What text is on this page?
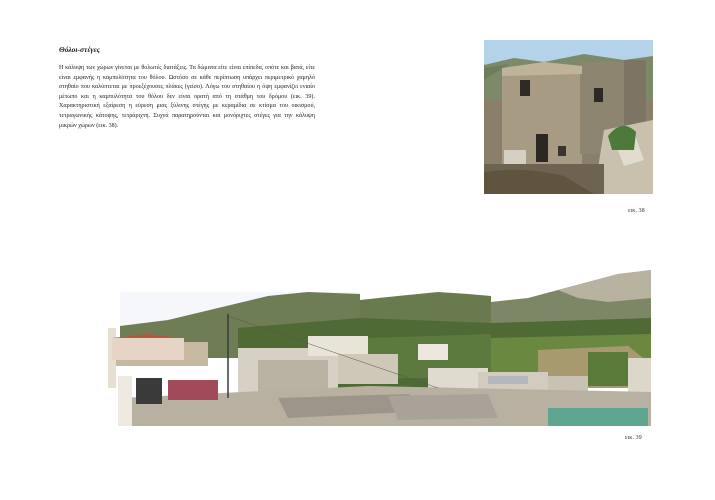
Θόλοι-στέγες

Η κάλυψη των χώρων γίνεται με θολωτές διατάξεις. Τα δώματα είτε είναι επίπεδα, οπότε και βατά, είτε είναι εμφανής η καμπυλότητα του θόλου. Ωστόσο σε κάθε περίπτωση υπάρχει περιμετρικό χαμηλό στηθαίο που καλύπτεται με προεξέχουσες πλάκες (γείσο). Λόγω του στηθαίου η όψη εμφανίζει ενιαίο μέτωπο και η καμπυλότητα του θόλου δεν είναι ορατή από τη στάθμη του δρόμου (εικ. 39). Χαρακτηριστική εξαίρεση η εύρεση μιας ξύλινης στέγης με κεραμίδια σε κτίσμα του οικισμού, τετραγωνικής κάτοψης, τετράριχτη. Συχνά παρατηρούνται και μονόριχτες στέγες για την κάλυψη μικρών χώρων (εικ. 38).

εικ. 38
εικ. 39
